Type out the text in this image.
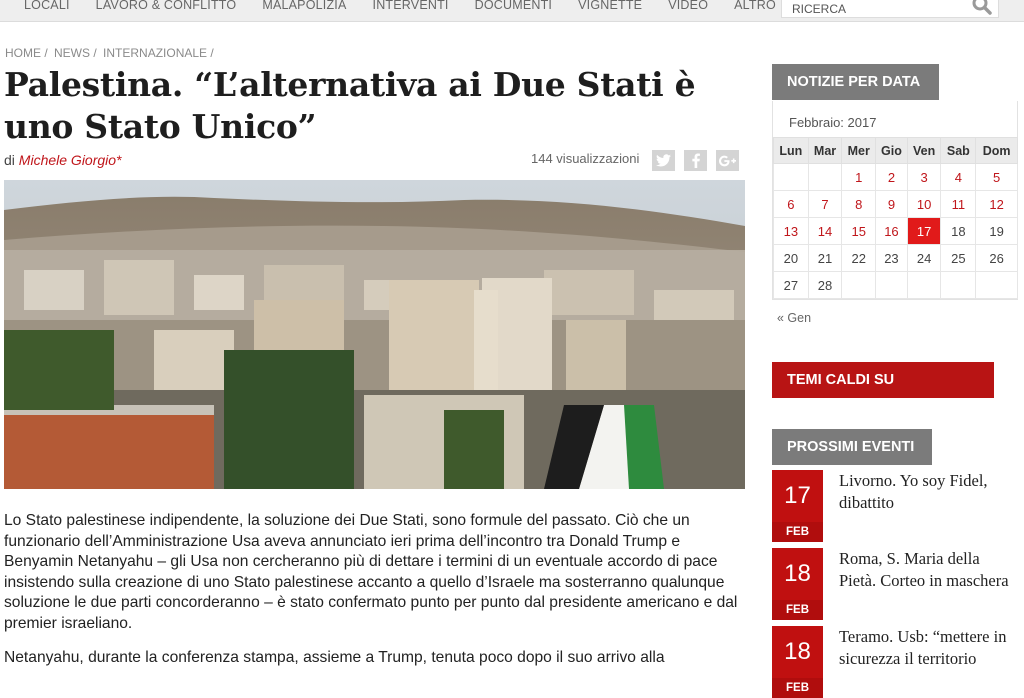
LOCALI	LAVORO & CONFLITTO	MALAPOLIZIA	INTERVENTI	DOCUMENTI	VIGNETTE	VIDEO	ALTRO
Ricerca
HOME / NEWS / INTERNAZIONALE /
Palestina. “L’alternativa ai Due Stati è uno Stato Unico”
di Michele Giorgio*	144 visualizzazioni

Lo Stato palestinese indipendente, la soluzione dei Due Stati, sono formule del passato. Ciò che un funzionario dell’Amministrazione Usa aveva annunciato ieri prima dell’incontro tra Donald Trump e Benyamin Netanyahu – gli Usa non cercheranno più di dettare i termini di un eventuale accordo di pace insistendo sulla creazione di uno Stato palestinese accanto a quello d’Israele ma sosterranno qualunque soluzione le due parti concorderanno – è stato confermato punto per punto dal presidente americano e dal premier israeliano.

Netanyahu, durante la conferenza stampa, assieme a Trump, tenuta poco dopo il suo arrivo alla

NOTIZIE PER DATA
Febbraio: 2017
Lun	Mar	Mer	Gio	Ven	Sab	Dom
		1	2	3	4	5
6	7	8	9	10	11	12
13	14	15	16	17	18	19
20	21	22	23	24	25	26
27	28					
« Gen
TEMI CALDI SU FACEBOOK
PROSSIMI EVENTI
17
FEB
Livorno. Yo soy Fidel, dibattito
18
FEB
Roma, S. Maria della Pietà. Corteo in maschera
18
FEB
Teramo. Usb: “mettere in sicurezza il territorio
